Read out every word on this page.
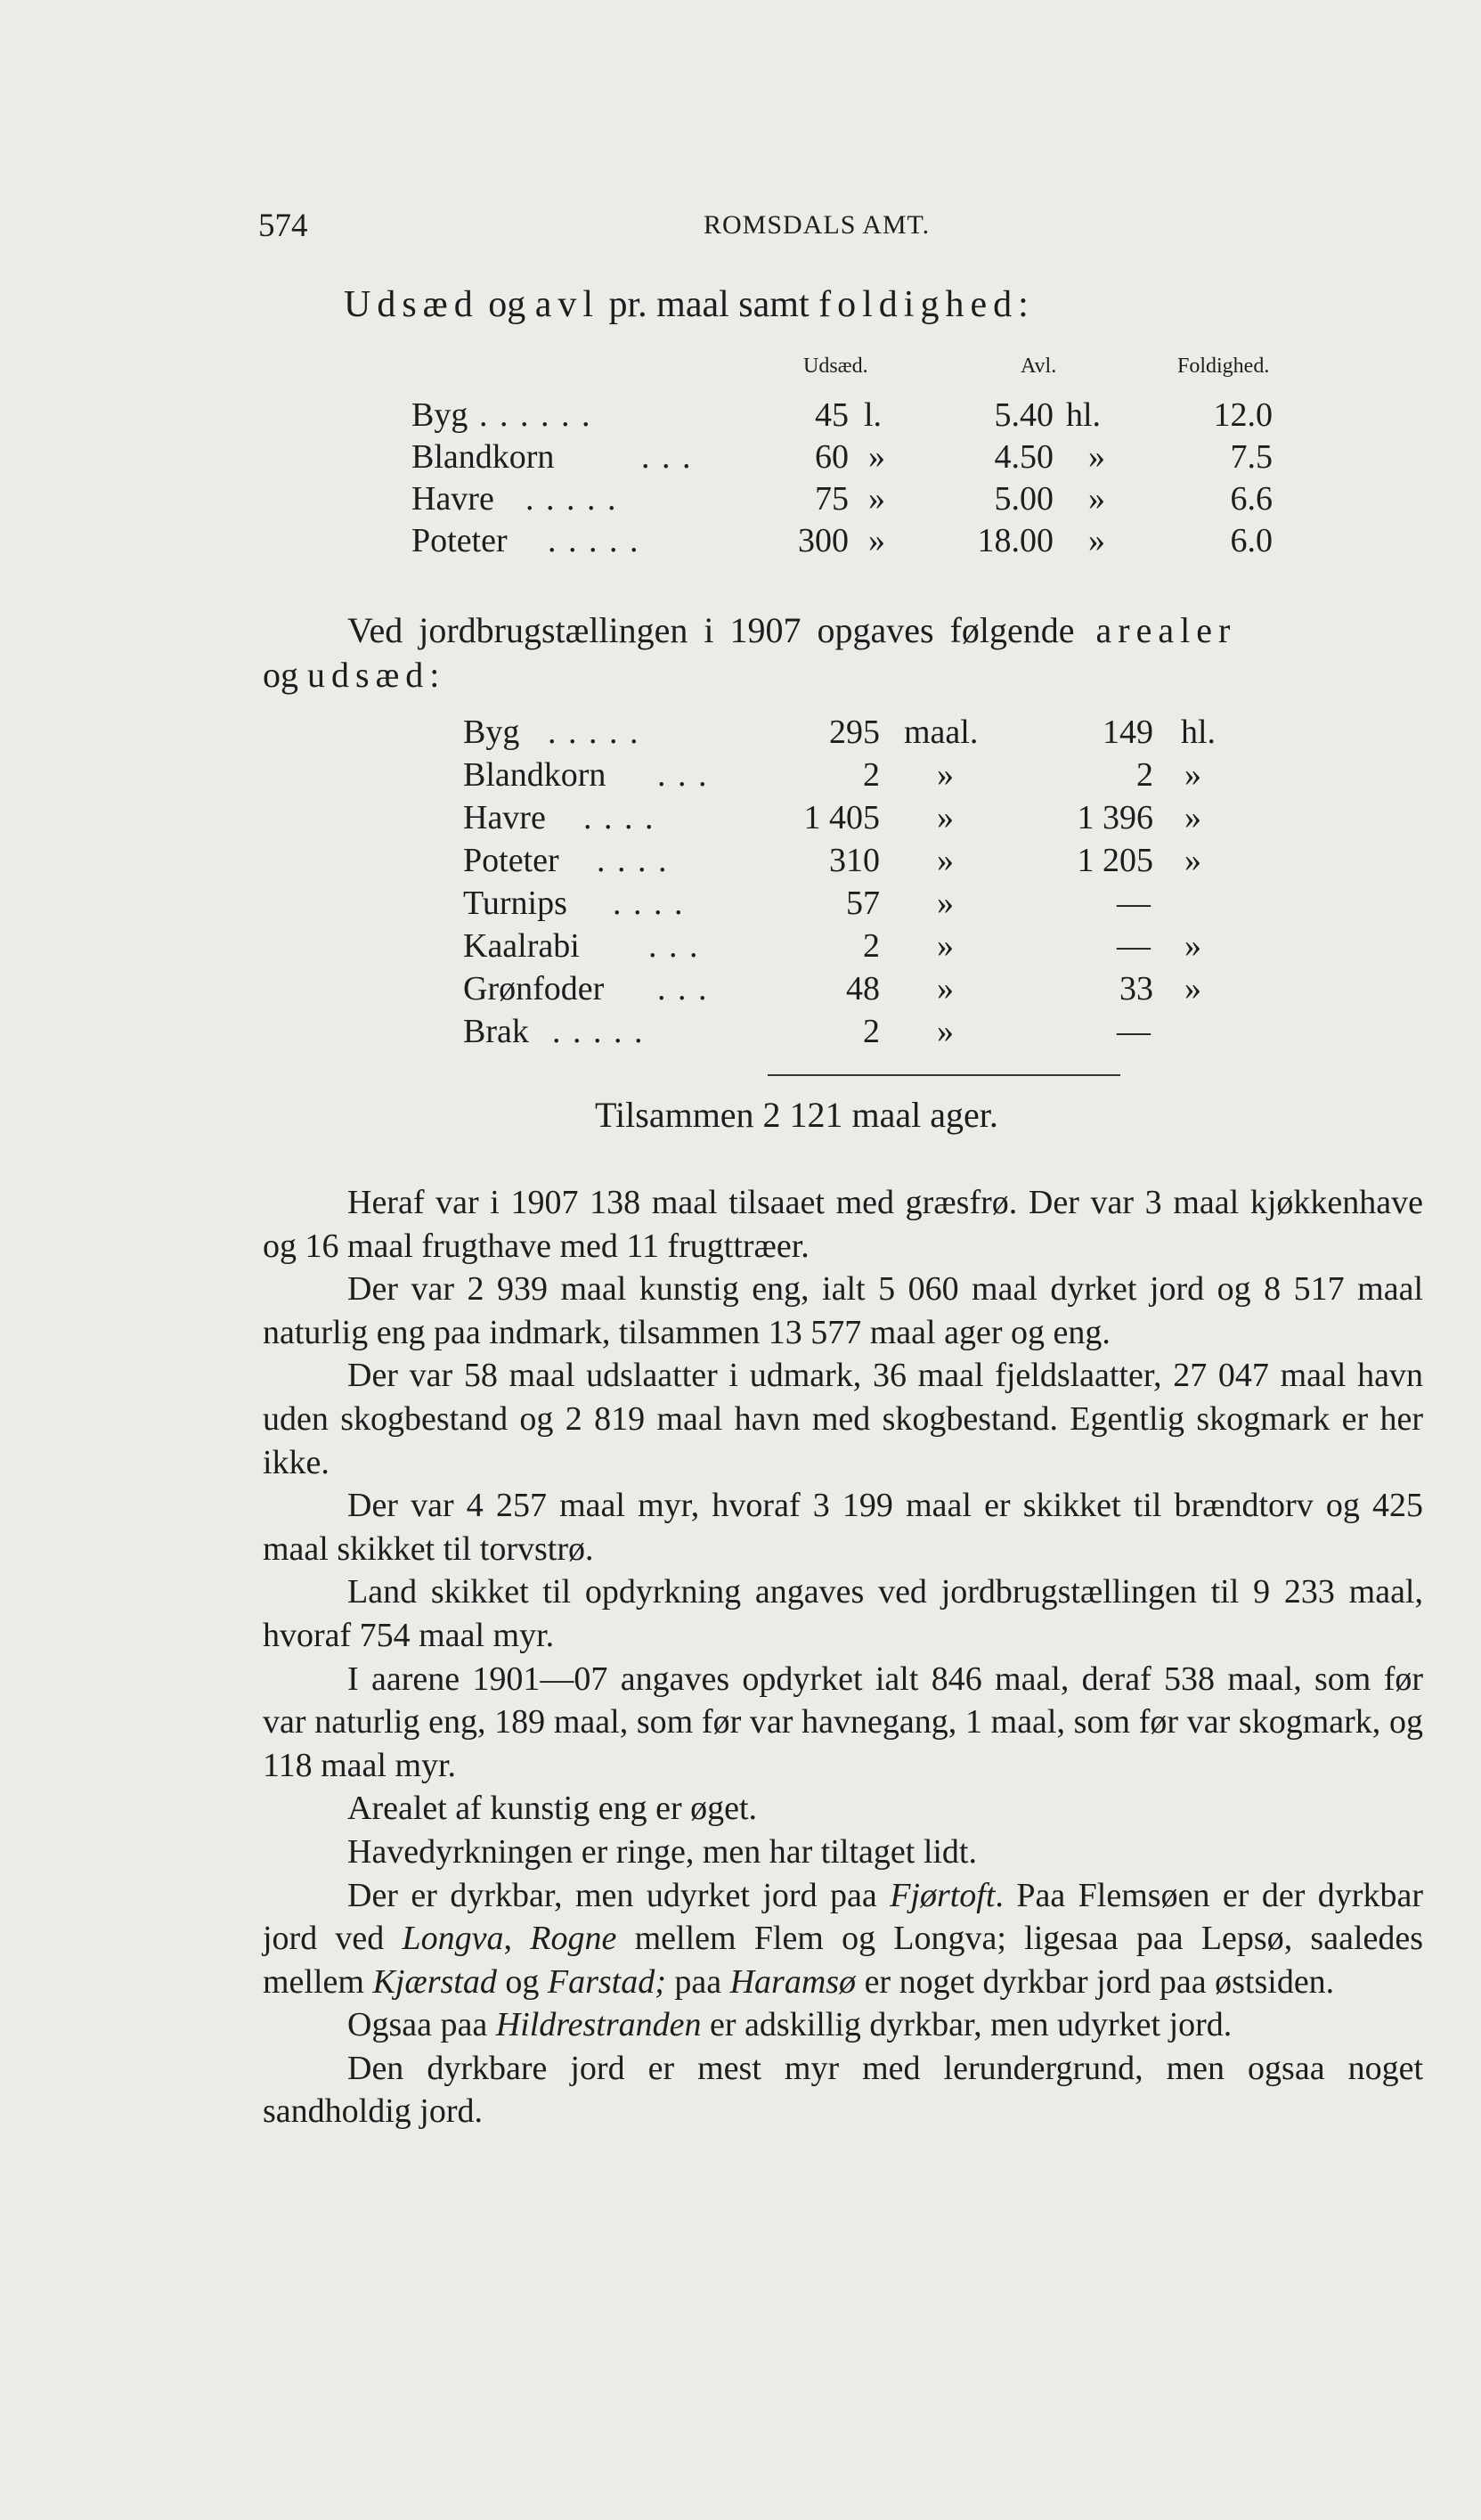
574	ROMSDALS AMT.
Udsæd og avl pr. maal samt foldighed:
Udsæd.	Avl.	Foldighed.
Byg . . . . . .	45 l.	5.40 hl.	12.0
Blandkorn	. . .	60 »	4.50 »	7.5
Havre . . . . .	75 »	5.00 »	6.6
Poteter . . . . .	300 »	18.00 »	6.0
Ved jordbrugstællingen i 1907 opgaves følgende arealer
og udsæd:
Byg . . . . .	295 maal.	149 hl.
Blandkorn . . .	2 »	2 »
Havre . . . .	1 405 »	1 396 »
Poteter . . . .	310 »	1 205 »
Turnips . . . .	57 »	—
Kaalrabi . . .	2 »	— »
Grønfoder . . .	48 »	33 »
Brak . . . . .	2 »	—
Tilsammen 2 121 maal ager.

Heraf var i 1907 138 maal tilsaaet med græsfrø. Der var 3 maal kjøkkenhave og 16 maal frugthave med 11 frugttræer.

Der var 2 939 maal kunstig eng, ialt 5 060 maal dyrket jord og 8 517 maal naturlig eng paa indmark, tilsammen 13 577 maal ager og eng.

Der var 58 maal udslaatter i udmark, 36 maal fjeldslaatter, 27 047 maal havn uden skogbestand og 2 819 maal havn med skogbestand. Egentlig skogmark er her ikke.

Der var 4 257 maal myr, hvoraf 3 199 maal er skikket til brændtorv og 425 maal skikket til torvstrø.

Land skikket til opdyrkning angaves ved jordbrugstællingen til 9 233 maal, hvoraf 754 maal myr.

I aarene 1901—07 angaves opdyrket ialt 846 maal, deraf 538 maal, som før var naturlig eng, 189 maal, som før var havnegang, 1 maal, som før var skogmark, og 118 maal myr.

Arealet af kunstig eng er øget.

Havedyrkningen er ringe, men har tiltaget lidt.

Der er dyrkbar, men udyrket jord paa Fjørtoft. Paa Flemsøen er der dyrkbar jord ved Longva, Rogne mellem Flem og Longva; ligesaa paa Lepsø, saaledes mellem Kjærstad og Farstad; paa Haramsø er noget dyrkbar jord paa østsiden.

Ogsaa paa Hildrestranden er adskillig dyrkbar, men udyrket jord.

Den dyrkbare jord er mest myr med lerundergrund, men ogsaa noget sandholdig jord.
